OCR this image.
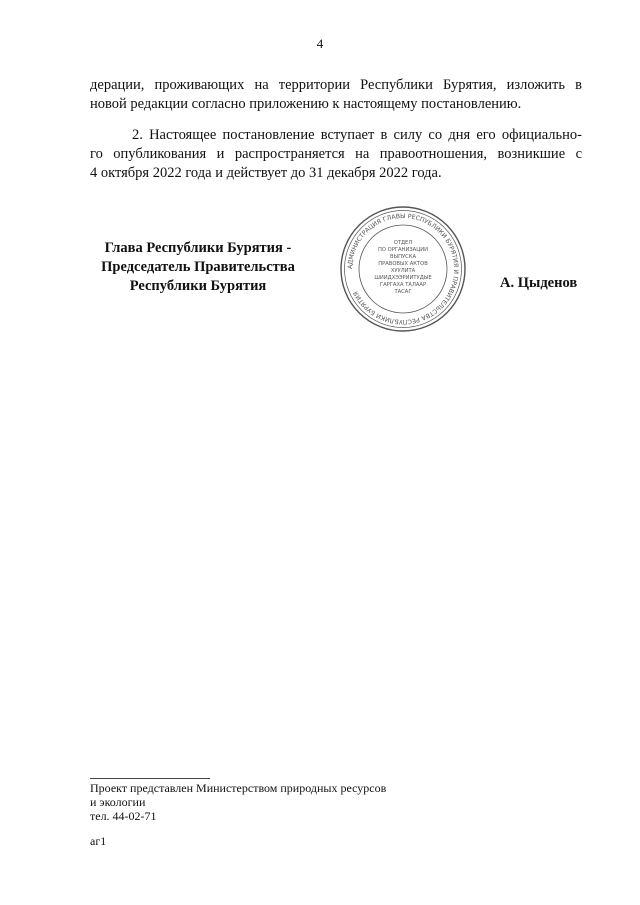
4
дерации, проживающих на территории Республики Бурятия, изложить в
новой редакции согласно приложению к настоящему постановлению.
2. Настоящее постановление вступает в силу со дня его официально-
го опубликования и распространяется на правоотношения, возникшие с
4 октября 2022 года и действует до 31 декабря 2022 года.
Глава Республики Бурятия -
Председатель Правительства
Республики Бурятия
АДМИНИСТРАЦИЯ ГЛАВЫ РЕСПУБЛИКИ БУРЯТИЯ И ПРАВИТЕЛЬСТВА РЕСПУБЛИКИ БУРЯТИЯ
ОТДЕЛ
ПО ОРГАНИЗАЦИИ
ВЫПУСКА
ПРАВОВЫХ АКТОВ
ХУУЛИТА
ШИИДХЭЭРИИТУДЫЕ
ГАРГАХА ТАЛААР
ТАСАГ
А. Цыденов
Проект представлен Министерством природных ресурсов
и экологии
тел. 44-02-71
аг1
